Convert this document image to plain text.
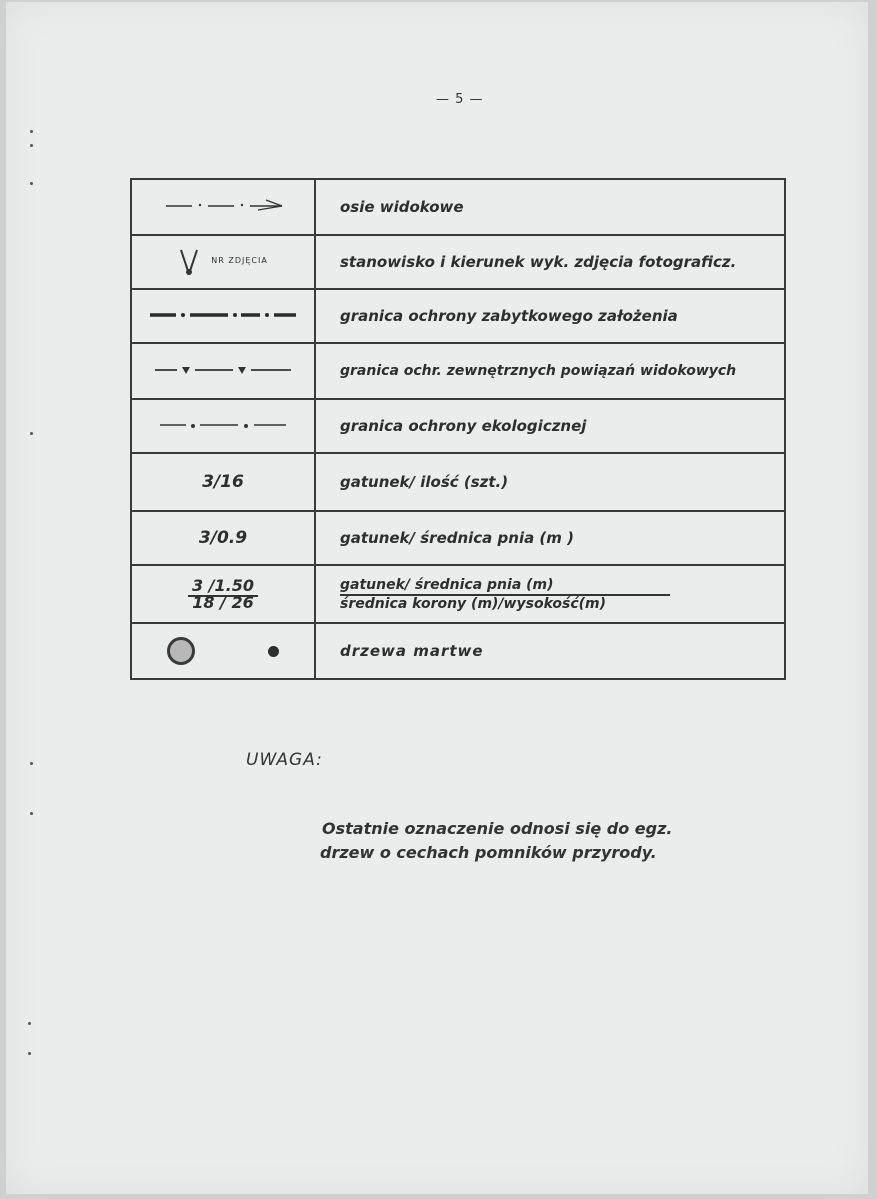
— 5 —
	osie widokowe
$^{NR ZDJĘCIA}$	stanowisko i kierunek wyk. zdjęcia fotograficz.
	granica ochrony zabytkowego założenia
	granica ochr. zewnętrznych powiązań widokowych
	granica ochrony ekologicznej
3/16	gatunek/ ilość (szt.)
3/0.9	gatunek/ średnica pnia (m )
$\frac{3 /1.50}{18 / 26}$	gatunek/ średnica pnia (m)
średnica korony (m)/wysokość(m)

	drzewa martwe
UWAGA:
Ostatnie oznaczenie odnosi się do egz.
drzew o cechach pomników przyrody.
